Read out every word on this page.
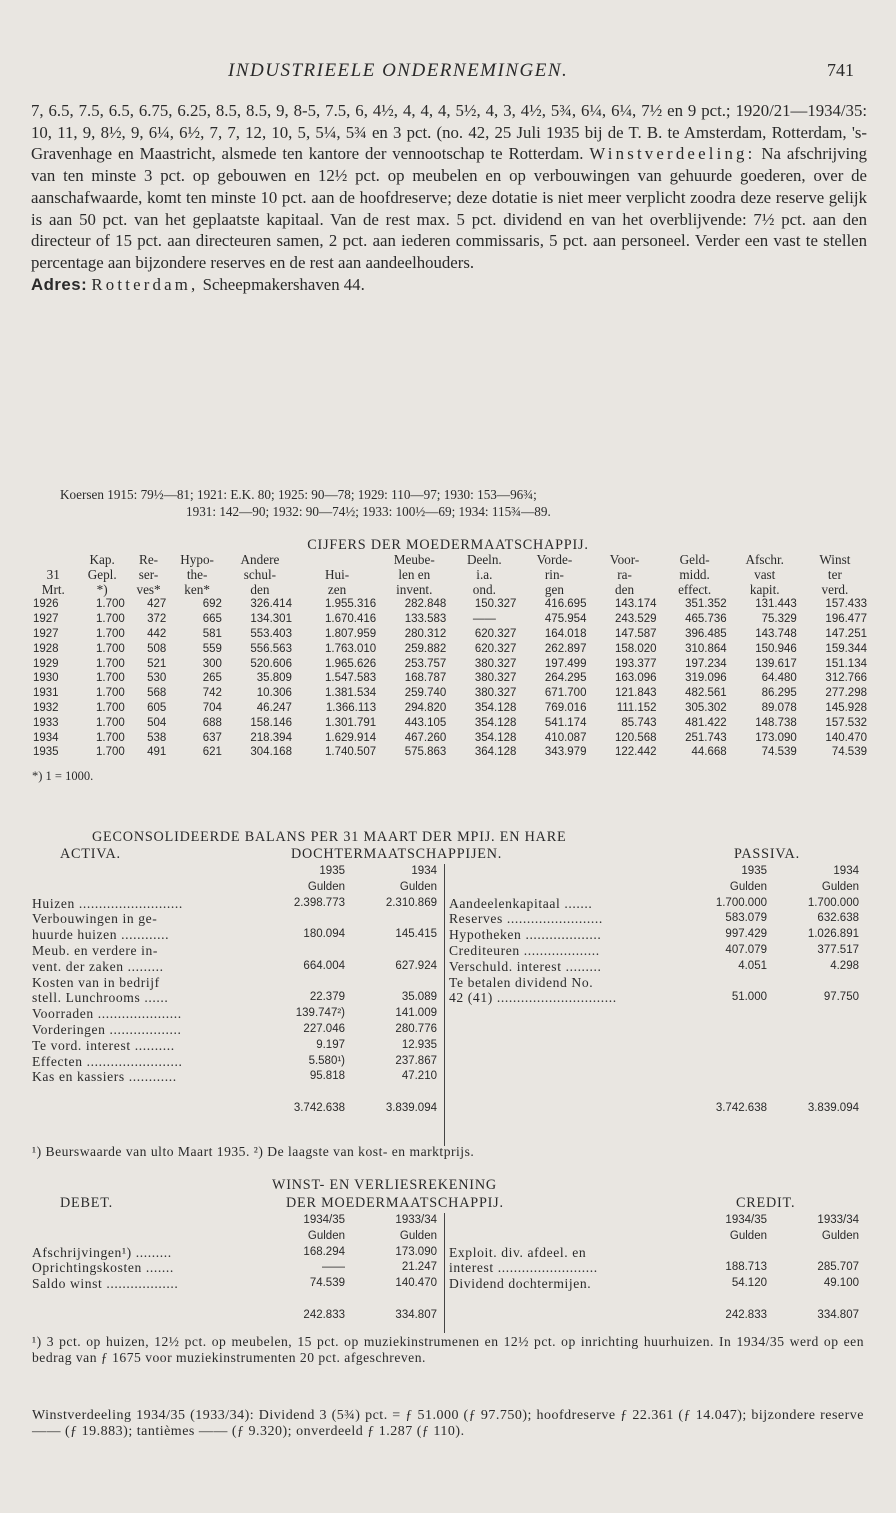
INDUSTRIEELE ONDERNEMINGEN.	741

7, 6.5, 7.5, 6.5, 6.75, 6.25, 8.5, 8.5, 9, 8-5, 7.5, 6, 4½, 4, 4, 4, 5½, 4, 3, 4½, 5¾, 6¼, 6¼, 7½ en 9 pct.; 1920/21—1934/35: 10, 11, 9, 8½, 9, 6¼, 6½, 7, 7, 12, 10, 5, 5¼, 5¾ en 3 pct. (no. 42, 25 Juli 1935 bij de T. B. te Amsterdam, Rotterdam, 's-Gravenhage en Maastricht, alsmede ten kantore der vennootschap te Rotterdam. Winstverdeeling: Na afschrijving van ten minste 3 pct. op gebouwen en 12½ pct. op meubelen en op verbouwingen van gehuurde goederen, over de aanschafwaarde, komt ten minste 10 pct. aan de hoofdreserve; deze dotatie is niet meer verplicht zoodra deze reserve gelijk is aan 50 pct. van het geplaatste kapitaal. Van de rest max. 5 pct. dividend en van het overblijvende: 7½ pct. aan den directeur of 15 pct. aan directeuren samen, 2 pct. aan iederen commissaris, 5 pct. aan personeel. Verder een vast te stellen percentage aan bijzondere reserves en de rest aan aandeelhouders.

Adres: Rotterdam, Scheepmakershaven 44.

Koersen 1915: 79½—81; 1921: E.K. 80; 1925: 90—78; 1929: 110—97; 1930: 153—96¾;
1931: 142—90; 1932: 90—74½; 1933: 100½—69; 1934: 115¾—89.
CIJFERS DER MOEDERMAATSCHAPPIJ.
	Kap.	Re-	Hypo-	Andere		Meube-	Deeln.	Vorde-	Voor-	Geld-	Afschr.	Winst
31	Gepl.	ser-	the-	schul-	Hui-	len en	i.a.	rin-	ra-	midd.	vast	ter
Mrt.	*)	ves*	ken*	den	zen	invent.	ond.	gen	den	effect.	kapit.	verd.
1926	1.700	427	692	326.414	1.955.316	282.848	150.327	416.695	143.174	351.352	131.443	157.433
1927	1.700	372	665	134.301	1.670.416	133.583	——	475.954	243.529	465.736	75.329	196.477
1927	1.700	442	581	553.403	1.807.959	280.312	620.327	164.018	147.587	396.485	143.748	147.251
1928	1.700	508	559	556.563	1.763.010	259.882	620.327	262.897	158.020	310.864	150.946	159.344
1929	1.700	521	300	520.606	1.965.626	253.757	380.327	197.499	193.377	197.234	139.617	151.134
1930	1.700	530	265	35.809	1.547.583	168.787	380.327	264.295	163.096	319.096	64.480	312.766
1931	1.700	568	742	10.306	1.381.534	259.740	380.327	671.700	121.843	482.561	86.295	277.298
1932	1.700	605	704	46.247	1.366.113	294.820	354.128	769.016	111.152	305.302	89.078	145.928
1933	1.700	504	688	158.146	1.301.791	443.105	354.128	541.174	85.743	481.422	148.738	157.532
1934	1.700	538	637	218.394	1.629.914	467.260	354.128	410.087	120.568	251.743	173.090	140.470
1935	1.700	491	621	304.168	1.740.507	575.863	364.128	343.979	122.442	44.668	74.539	74.539
*) 1 = 1000.
GECONSOLIDEERDE BALANS PER 31 MAART DER MPIJ. EN HARE
ACTIVA.	DOCHTERMAATSCHAPPIJEN.	PASSIVA.
	1935	1934
	Gulden	Gulden
Huizen ..........................	2.398.773	2.310.869
Verbouwingen in ge-		
huurde huizen ............	180.094	145.415
Meub. en verdere in-		
vent. der zaken .........	664.004	627.924
Kosten van in bedrijf		
stell. Lunchrooms ......	22.379	35.089
Voorraden .....................	139.747²)	141.009
Vorderingen ..................	227.046	280.776
Te vord. interest ..........	9.197	12.935
Effecten ........................	5.580¹)	237.867
Kas en kassiers ............	95.818	47.210

	3.742.638	3.839.094
	1935	1934
	Gulden	Gulden
Aandeelenkapitaal .......	1.700.000	1.700.000
Reserves ........................	583.079	632.638
Hypotheken ...................	997.429	1.026.891
Crediteuren ...................	407.079	377.517
Verschuld. interest .........	4.051	4.298
Te betalen dividend No.		
42 (41) ..............................	51.000	97.750

	3.742.638	3.839.094
¹) Beurswaarde van ulto Maart 1935. ²) De laagste van kost- en marktprijs.
WINST- EN VERLIESREKENING
DEBET.	DER MOEDERMAATSCHAPPIJ.	CREDIT.
	1934/35	1933/34
	Gulden	Gulden
Afschrijvingen¹) .........	168.294	173.090
Oprichtingskosten .......	——	21.247
Saldo winst ..................	74.539	140.470

	242.833	334.807
	1934/35	1933/34
	Gulden	Gulden
Exploit. div. afdeel. en		
interest .........................	188.713	285.707
Dividend dochtermijen.	54.120	49.100

	242.833	334.807
¹) 3 pct. op huizen, 12½ pct. op meubelen, 15 pct. op muziekinstrumenen en 12½ pct. op inrichting huurhuizen. In 1934/35 werd op een bedrag van ƒ 1675 voor muziekinstrumenten 20 pct. afgeschreven.
Winstverdeeling 1934/35 (1933/34): Dividend 3 (5¾) pct. = ƒ 51.000 (ƒ 97.750); hoofdreserve ƒ 22.361 (ƒ 14.047); bijzondere reserve —— (ƒ 19.883); tantièmes —— (ƒ 9.320); onverdeeld ƒ 1.287 (ƒ 110).
